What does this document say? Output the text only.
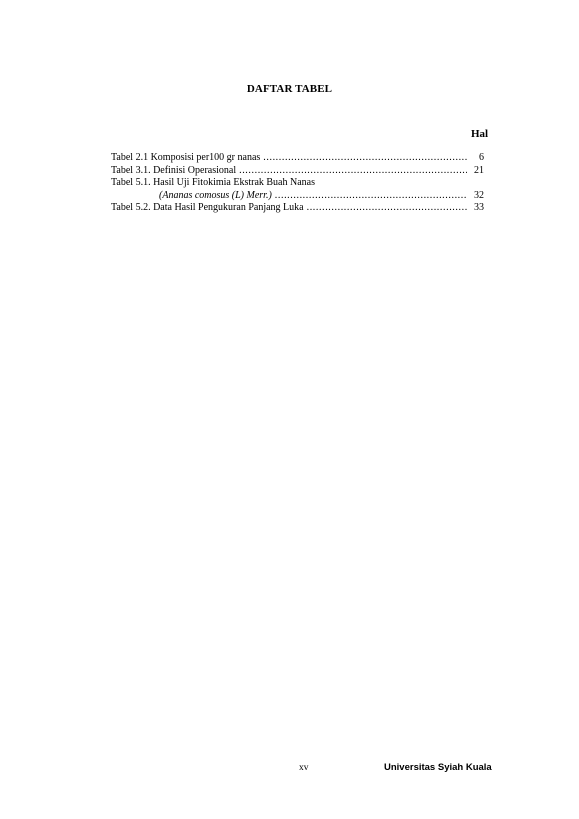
DAFTAR TABEL
Hal
Tabel 2.1 Komposisi per100 gr nanas .....	6
Tabel 3.1. Definisi Operasional .....	21
Tabel 5.1. Hasil Uji Fitokimia Ekstrak Buah Nanas
(Ananas comosus (L) Merr.) .....	32
Tabel 5.2. Data Hasil Pengukuran Panjang Luka .....	33
xv	Universitas Syiah Kuala
